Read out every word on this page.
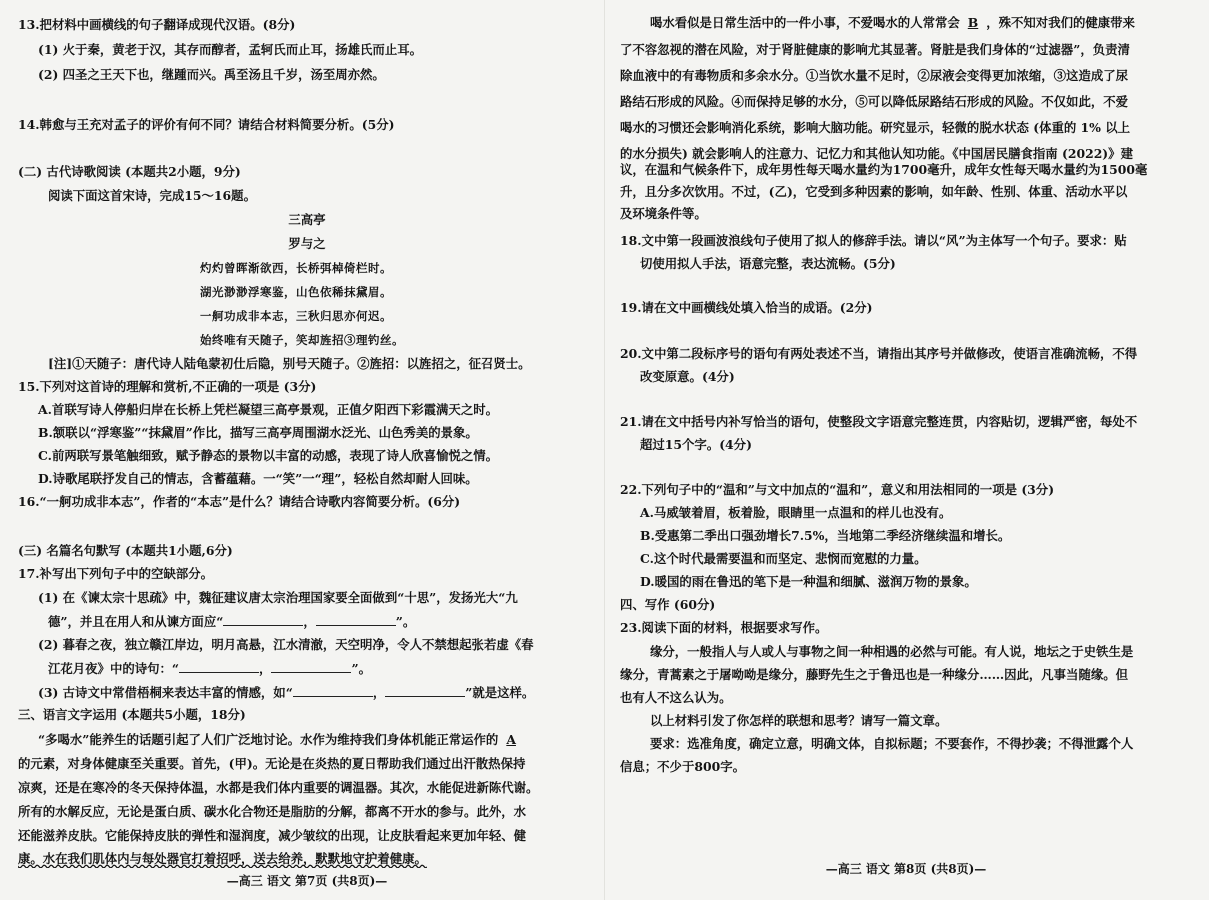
13.把材料中画横线的句子翻译成现代汉语。(8分)
(1) 火于秦，黄老于汉，其存而醇者，孟轲氏而止耳，扬雄氏而止耳。
(2) 四圣之王天下也，继踵而兴。禹至汤且千岁，汤至周亦然。
14.韩愈与王充对孟子的评价有何不同？请结合材料简要分析。(5分)
(二) 古代诗歌阅读 (本题共2小题，9分)
阅读下面这首宋诗，完成15～16题。
三高亭
罗与之
灼灼曾晖渐欲西，长桥弭棹倚栏时。
湖光渺渺浮寒鉴，山色依稀抹黛眉。
一舸功成非本志，三秋归思亦何迟。
始终唯有天随子，笑却旌招③理钓丝。
[注]①天随子：唐代诗人陆龟蒙初仕后隐，别号天随子。②旌招：以旌招之，征召贤士。
15.下列对这首诗的理解和赏析,不正确的一项是 (3分)
A.首联写诗人停船归岸在长桥上凭栏凝望三高亭景观，正值夕阳西下彩霞满天之时。
B.颔联以“浮寒鉴”“抹黛眉”作比，描写三高亭周围湖水泛光、山色秀美的景象。
C.前两联写景笔触细致，赋予静态的景物以丰富的动感，表现了诗人欣喜愉悦之情。
D.诗歌尾联抒发自己的情志，含蓄蕴藉。一“笑”一“理”，轻松自然却耐人回味。
16.“一舸功成非本志”，作者的“本志”是什么？请结合诗歌内容简要分析。(6分)
(三) 名篇名句默写 (本题共1小题,6分)
17.补写出下列句子中的空缺部分。
(1) 在《谏太宗十思疏》中，魏征建议唐太宗治理国家要全面做到“十思”，发扬光大“九
德”，并且在用人和从谏方面应“	，	”。
(2) 暮春之夜，独立赣江岸边，明月高悬，江水清澈，天空明净，令人不禁想起张若虚《春
江花月夜》中的诗句：“	，	”。
(3) 古诗文中常借梧桐来表达丰富的情感，如“	，	”就是这样。
三、语言文字运用 (本题共5小题，18分)
“多喝水”能养生的话题引起了人们广泛地讨论。水作为维持我们身体机能正常运作的 A
的元素，对身体健康至关重要。首先，(甲)。无论是在炎热的夏日帮助我们通过出汗散热保持
凉爽，还是在寒冷的冬天保持体温，水都是我们体内重要的调温器。其次，水能促进新陈代谢。
所有的水解反应，无论是蛋白质、碳水化合物还是脂肪的分解，都离不开水的参与。此外，水
还能滋养皮肤。它能保持皮肤的弹性和湿润度，减少皱纹的出现，让皮肤看起来更加年轻、健
康。水在我们肌体内与每处器官打着招呼，送去给养，默默地守护着健康。
—高三 语文 第7页 (共8页)—
喝水看似是日常生活中的一件小事，不爱喝水的人常常会 B ，殊不知对我们的健康带来
了不容忽视的潜在风险，对于肾脏健康的影响尤其显著。肾脏是我们身体的“过滤器”，负责清
除血液中的有毒物质和多余水分。①当饮水量不足时，②尿液会变得更加浓缩，③这造成了尿
路结石形成的风险。④而保持足够的水分，⑤可以降低尿路结石形成的风险。不仅如此，不爱
喝水的习惯还会影响消化系统，影响大脑功能。研究显示，轻微的脱水状态 (体重的 1% 以上
的水分损失) 就会影响人的注意力、记忆力和其他认知功能。《中国居民膳食指南 (2022)》建
议，在温和气候条件下，成年男性每天喝水量约为1700毫升，成年女性每天喝水量约为1500毫
升，且分多次饮用。不过，(乙)，它受到多种因素的影响，如年龄、性别、体重、活动水平以
及环境条件等。
18.文中第一段画波浪线句子使用了拟人的修辞手法。请以“风”为主体写一个句子。要求：贴
切使用拟人手法，语意完整，表达流畅。(5分)
19.请在文中画横线处填入恰当的成语。(2分)
20.文中第二段标序号的语句有两处表述不当，请指出其序号并做修改，使语言准确流畅，不得
改变原意。(4分)
21.请在文中括号内补写恰当的语句，使整段文字语意完整连贯，内容贴切，逻辑严密，每处不
超过15个字。(4分)
22.下列句子中的“温和”与文中加点的“温和”，意义和用法相同的一项是 (3分)
A.马威皱着眉，板着脸，眼睛里一点温和的样儿也没有。
B.受惠第二季出口强劲增长7.5%，当地第二季经济继续温和增长。
C.这个时代最需要温和而坚定、悲悯而宽慰的力量。
D.暖国的雨在鲁迅的笔下是一种温和细腻、滋润万物的景象。
四、写作 (60分)
23.阅读下面的材料，根据要求写作。
缘分，一般指人与人或人与事物之间一种相遇的必然与可能。有人说，地坛之于史铁生是
缘分，青蒿素之于屠呦呦是缘分，藤野先生之于鲁迅也是一种缘分……因此，凡事当随缘。但
也有人不这么认为。
以上材料引发了你怎样的联想和思考？请写一篇文章。
要求：选准角度，确定立意，明确文体，自拟标题；不要套作，不得抄袭；不得泄露个人
信息；不少于800字。
—高三 语文 第8页 (共8页)—
